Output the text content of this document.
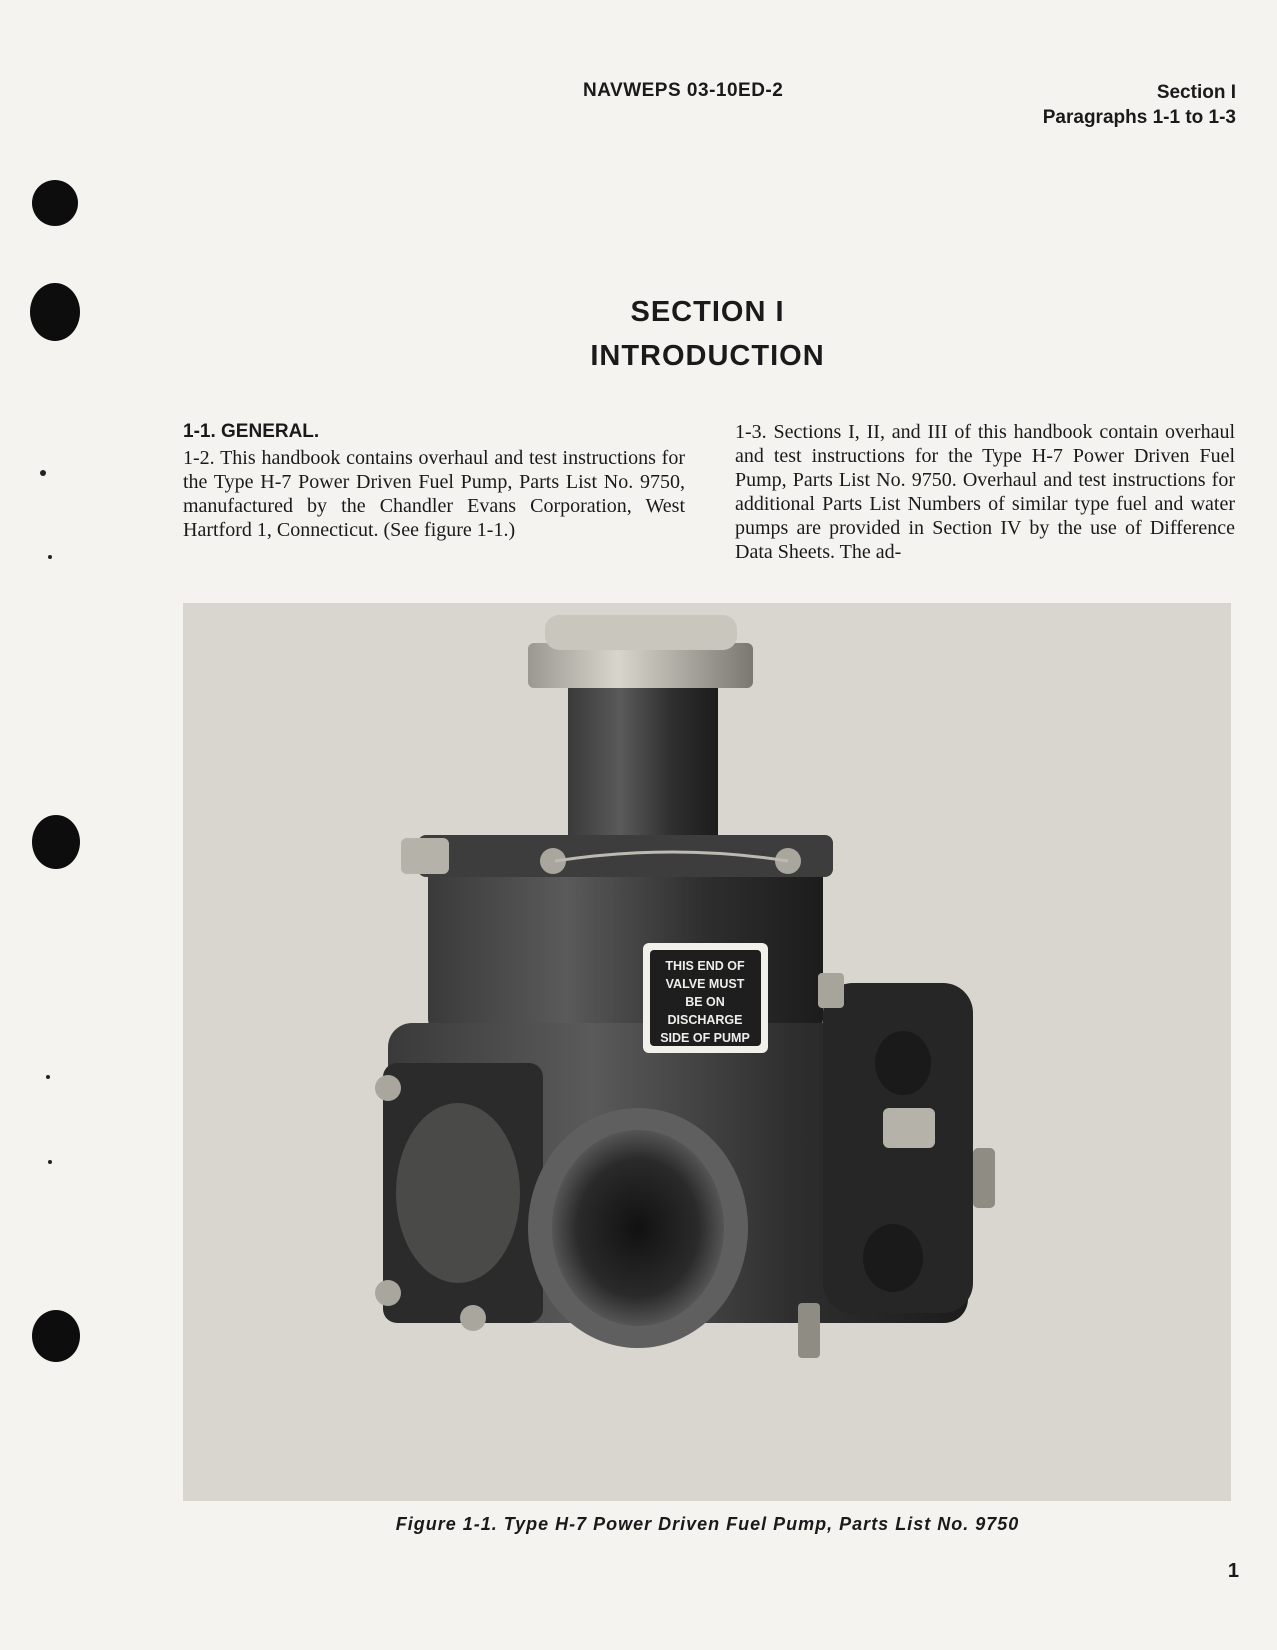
NAVWEPS 03-10ED-2	Section I
Paragraphs 1-1 to 1-3
SECTION I
INTRODUCTION

1-1. GENERAL.

1-2. This handbook contains overhaul and test instructions for the Type H-7 Power Driven Fuel Pump, Parts List No. 9750, manufactured by the Chandler Evans Corporation, West Hartford 1, Connecticut. (See figure 1-1.)

1-3. Sections I, II, and III of this handbook contain overhaul and test instructions for the Type H-7 Power Driven Fuel Pump, Parts List No. 9750. Overhaul and test instructions for additional Parts List Numbers of similar type fuel and water pumps are provided in Section IV by the use of Difference Data Sheets. The ad-

THIS END OF
VALVE MUST
BE ON
DISCHARGE
SIDE OF PUMP
Figure 1-1. Type H-7 Power Driven Fuel Pump, Parts List No. 9750
1
